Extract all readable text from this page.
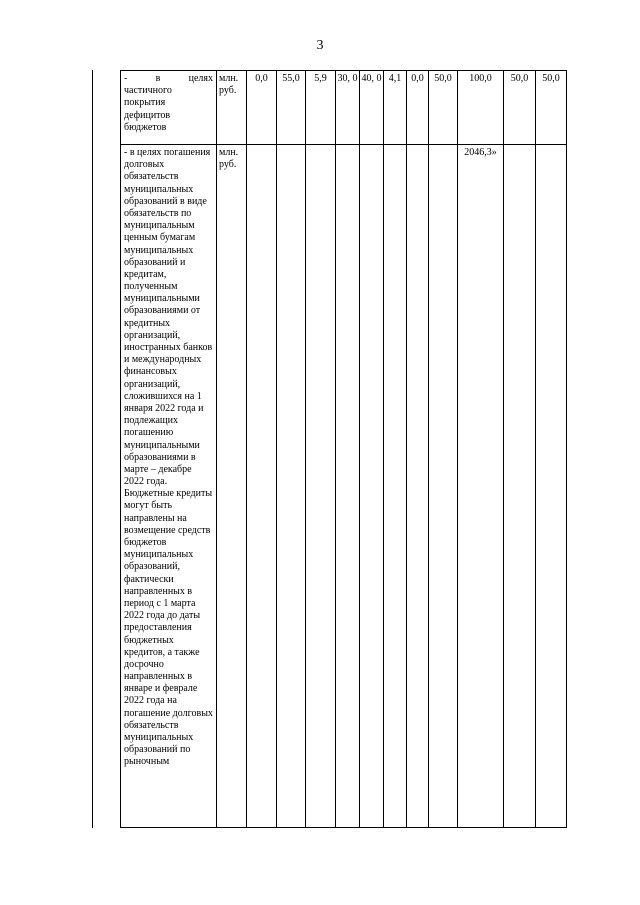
3
- в целях
частичного покрытия дефицитов бюджетов	млн. руб.	0,0	55,0	5,9	30, 0	40, 0	4,1	0,0	50,0	100,0	50,0	50,0
- в целях погашения долговых обязательств муниципальных образований в виде обязательств по муниципальным ценным бумагам муниципальных образований и кредитам, полученным муниципальными образованиями от кредитных организаций, иностранных банков и международных финансовых организаций, сложившихся на 1 января 2022 года и подлежащих погашению муниципальными образованиями в марте – декабре 2022 года. Бюджетные кредиты могут быть направлены на возмещение средств бюджетов муниципальных образований, фактически направленных в период с 1 марта 2022 года до даты предоставления бюджетных кредитов, а также досрочно направленных в январе и феврале 2022 года на погашение долговых обязательств муниципальных образований по рыночным	млн. руб.									2046,3»		
